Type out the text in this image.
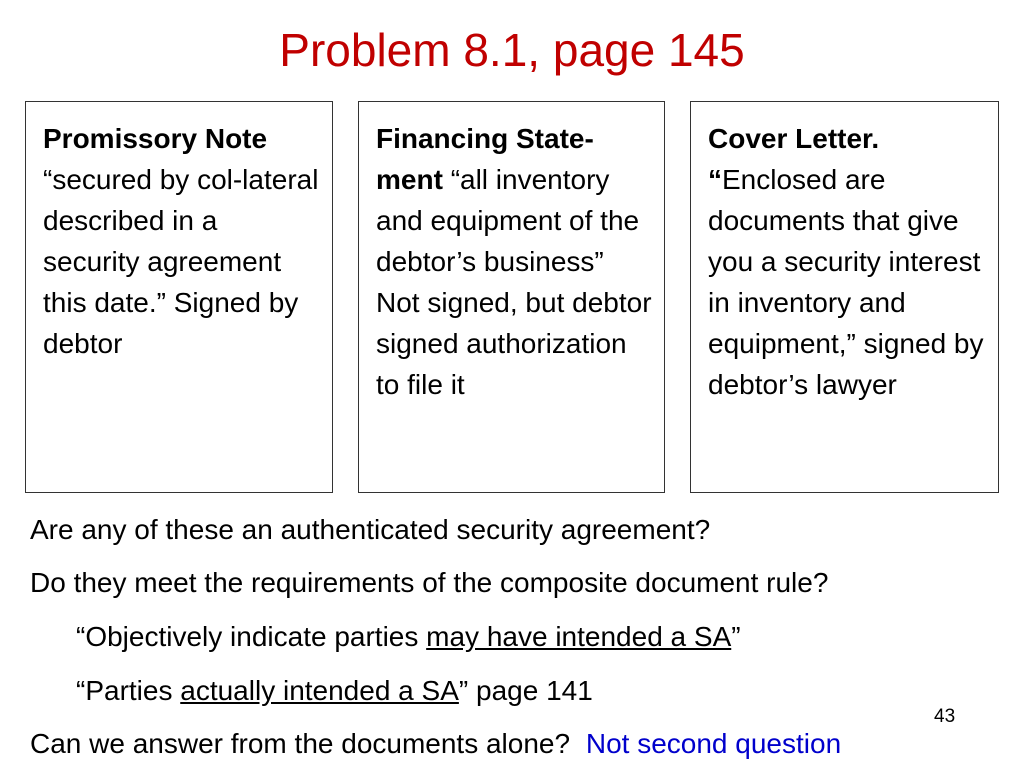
Problem 8.1, page 145
Promissory Note
“secured by col-lateral described in a security agreement this date.” Signed by debtor
Financing State-ment “all inventory and equipment of the debtor’s business” Not signed, but debtor signed authorization to file it
Cover Letter.
“Enclosed are documents that give you a security interest in inventory and equipment,” signed by debtor’s lawyer
Are any of these an authenticated security agreement?
Do they meet the requirements of the composite document rule?
“Objectively indicate parties may have intended a SA”
“Parties actually intended a SA” page 141
43
Can we answer from the documents alone? Not second question
